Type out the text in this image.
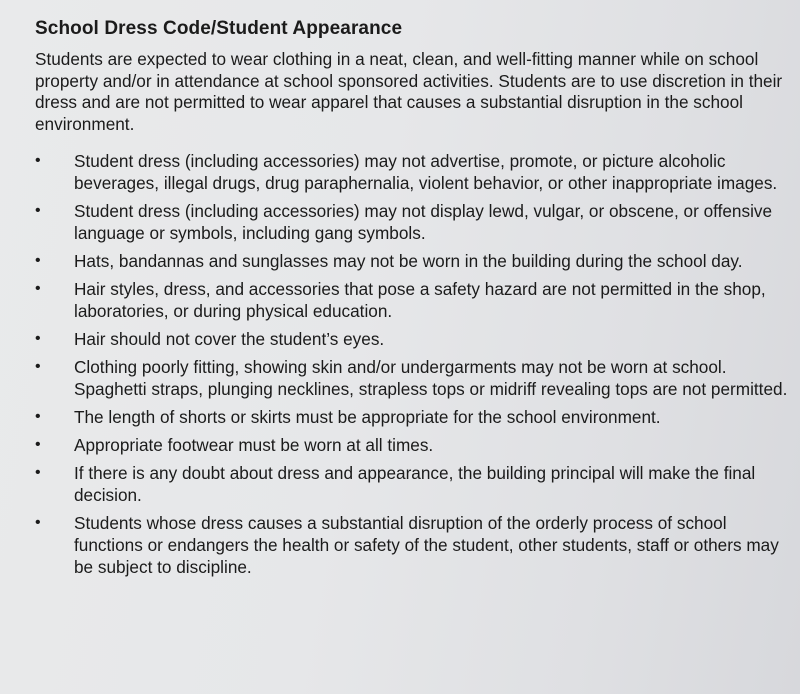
School Dress Code/Student Appearance
Students are expected to wear clothing in a neat, clean, and well-fitting manner while on school property and/or in attendance at school sponsored activities. Students are to use discretion in their dress and are not permitted to wear apparel that causes a substantial disruption in the school environment.
• Student dress (including accessories) may not advertise, promote, or picture alcoholic beverages, illegal drugs, drug paraphernalia, violent behavior, or other inappropriate images.
• Student dress (including accessories) may not display lewd, vulgar, or obscene, or offensive language or symbols, including gang symbols.
• Hats, bandannas and sunglasses may not be worn in the building during the school day.
• Hair styles, dress, and accessories that pose a safety hazard are not permitted in the shop, laboratories, or during physical education.
• Hair should not cover the student’s eyes.
• Clothing poorly fitting, showing skin and/or undergarments may not be worn at school. Spaghetti straps, plunging necklines, strapless tops or midriff revealing tops are not permitted.
• The length of shorts or skirts must be appropriate for the school environment.
• Appropriate footwear must be worn at all times.
• If there is any doubt about dress and appearance, the building principal will make the final decision.
• Students whose dress causes a substantial disruption of the orderly process of school functions or endangers the health or safety of the student, other students, staff or others may be subject to discipline.
